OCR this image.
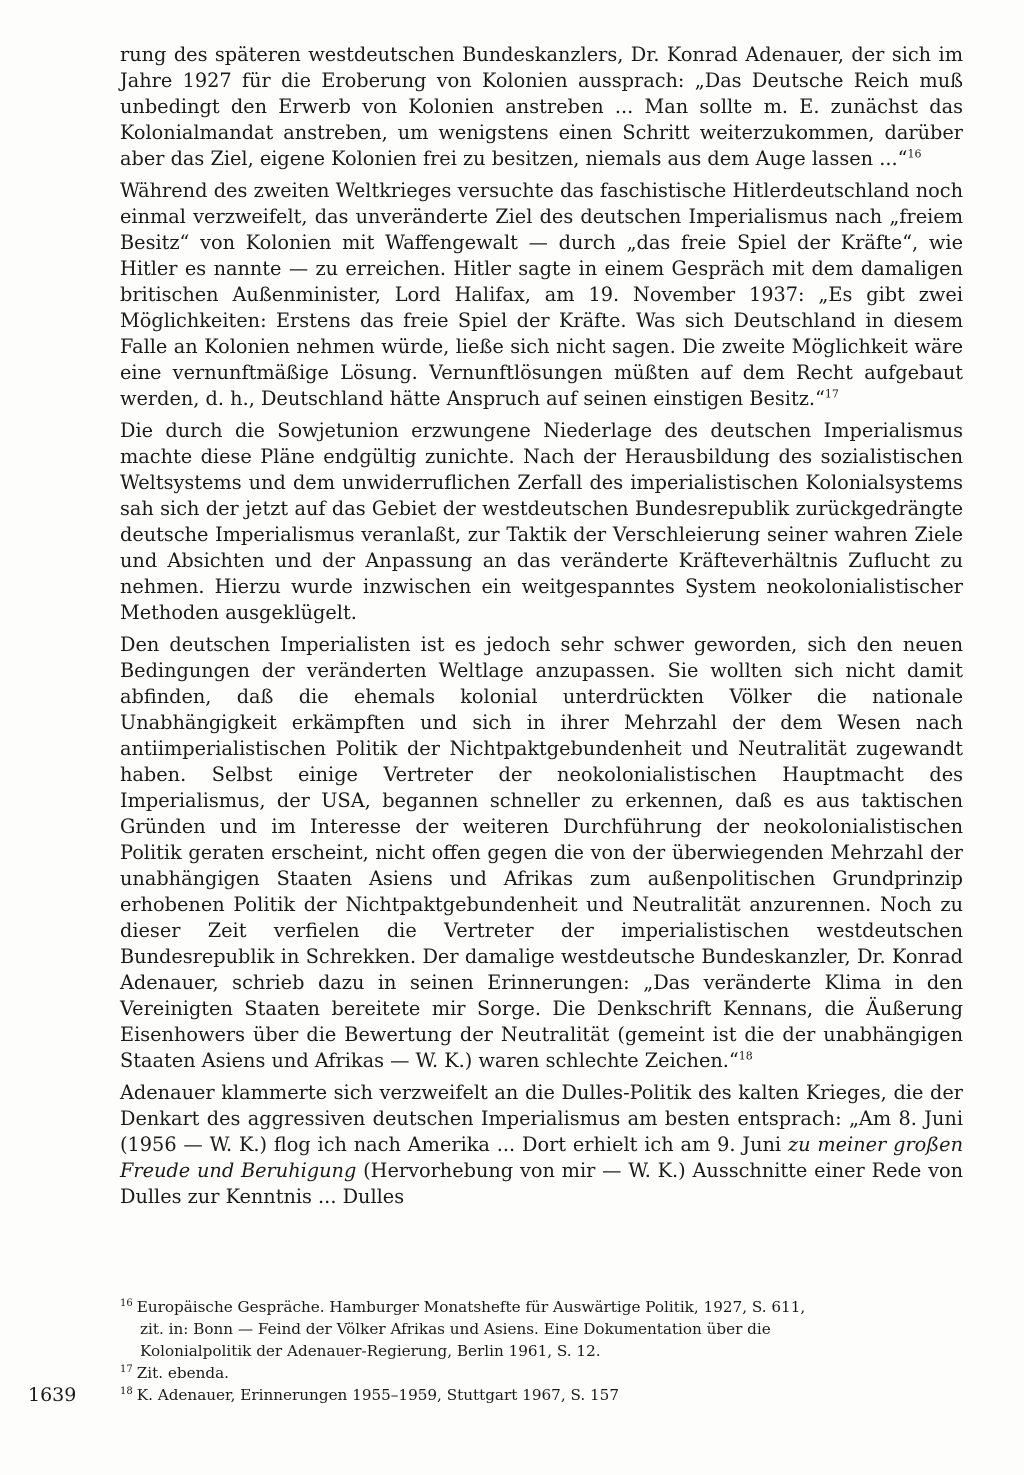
rung des späteren westdeutschen Bundeskanzlers, Dr. Konrad Adenauer, der sich im Jahre 1927 für die Eroberung von Kolonien aussprach: „Das Deutsche Reich muß unbedingt den Erwerb von Kolonien anstreben ... Man sollte m. E. zunächst das Kolonialmandat anstreben, um wenigstens einen Schritt weiterzukommen, darüber aber das Ziel, eigene Kolonien frei zu besitzen, niemals aus dem Auge lassen ...“$^{16}$

Während des zweiten Weltkrieges versuchte das faschistische Hitlerdeutschland noch einmal verzweifelt, das unveränderte Ziel des deutschen Imperialismus nach „freiem Besitz“ von Kolonien mit Waffengewalt — durch „das freie Spiel der Kräfte“, wie Hitler es nannte — zu erreichen. Hitler sagte in einem Gespräch mit dem damaligen britischen Außenminister, Lord Halifax, am 19. November 1937: „Es gibt zwei Möglichkeiten: Erstens das freie Spiel der Kräfte. Was sich Deutschland in diesem Falle an Kolonien nehmen würde, ließe sich nicht sagen. Die zweite Möglichkeit wäre eine vernunftmäßige Lösung. Vernunftlösungen müßten auf dem Recht aufgebaut werden, d. h., Deutschland hätte Anspruch auf seinen einstigen Besitz.“$^{17}$

Die durch die Sowjetunion erzwungene Niederlage des deutschen Imperialismus machte diese Pläne endgültig zunichte. Nach der Herausbildung des sozialistischen Weltsystems und dem unwiderruflichen Zerfall des imperialistischen Kolonialsystems sah sich der jetzt auf das Gebiet der westdeutschen Bundesrepublik zurückgedrängte deutsche Imperialismus veranlaßt, zur Taktik der Verschleierung seiner wahren Ziele und Absichten und der Anpassung an das veränderte Kräfteverhältnis Zuflucht zu nehmen. Hierzu wurde inzwischen ein weitgespanntes System neokolonialistischer Methoden ausgeklügelt.

Den deutschen Imperialisten ist es jedoch sehr schwer geworden, sich den neuen Bedingungen der veränderten Weltlage anzupassen. Sie wollten sich nicht damit abfinden, daß die ehemals kolonial unterdrückten Völker die nationale Unabhängigkeit erkämpften und sich in ihrer Mehrzahl der dem Wesen nach antiimperialistischen Politik der Nichtpaktgebundenheit und Neutralität zugewandt haben. Selbst einige Vertreter der neokolonialistischen Hauptmacht des Imperialismus, der USA, begannen schneller zu erkennen, daß es aus taktischen Gründen und im Interesse der weiteren Durchführung der neokolonialistischen Politik geraten erscheint, nicht offen gegen die von der überwiegenden Mehrzahl der unabhängigen Staaten Asiens und Afrikas zum außenpolitischen Grundprinzip erhobenen Politik der Nichtpaktgebundenheit und Neutralität anzurennen. Noch zu dieser Zeit verfielen die Vertreter der imperialistischen westdeutschen Bundesrepublik in Schrekken. Der damalige westdeutsche Bundeskanzler, Dr. Konrad Adenauer, schrieb dazu in seinen Erinnerungen: „Das veränderte Klima in den Vereinigten Staaten bereitete mir Sorge. Die Denkschrift Kennans, die Äußerung Eisenhowers über die Bewertung der Neutralität (gemeint ist die der unabhängigen Staaten Asiens und Afrikas — W. K.) waren schlechte Zeichen.“$^{18}$

Adenauer klammerte sich verzweifelt an die Dulles-Politik des kalten Krieges, die der Denkart des aggressiven deutschen Imperialismus am besten entsprach: „Am 8. Juni (1956 — W. K.) flog ich nach Amerika ... Dort erhielt ich am 9. Juni zu meiner großen Freude und Beruhigung (Hervorhebung von mir — W. K.) Ausschnitte einer Rede von Dulles zur Kenntnis ... Dulles

$^{16}$ Europäische Gespräche. Hamburger Monatshefte für Auswärtige Politik, 1927, S. 611,
zit. in: Bonn — Feind der Völker Afrikas und Asiens. Eine Dokumentation über die
Kolonialpolitik der Adenauer-Regierung, Berlin 1961, S. 12.
$^{17}$ Zit. ebenda.
$^{18}$ K. Adenauer, Erinnerungen 1955–1959, Stuttgart 1967, S. 157
1639
